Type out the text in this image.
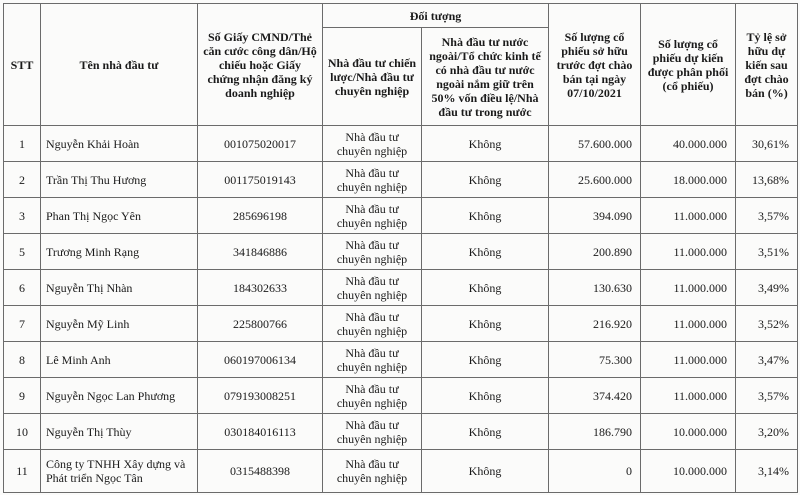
STT	Tên nhà đầu tư	Số Giấy CMND/Thẻ căn cước công dân/Hộ chiếu hoặc Giấy chứng nhận đăng ký doanh nghiệp	Đối tượng		Số lượng cổ phiếu sở hữu trước đợt chào bán tại ngày 07/10/2021	Số lượng cổ phiếu dự kiến được phân phối (cổ phiếu)	Tỷ lệ sở hữu dự kiến sau đợt chào bán (%)
			Nhà đầu tư chiến lược/Nhà đầu tư chuyên nghiệp	Nhà đầu tư nước ngoài/Tổ chức kinh tế có nhà đầu tư nước ngoài nắm giữ trên 50% vốn điều lệ/Nhà đầu tư trong nước			
1	Nguyễn Khải Hoàn	001075020017	Nhà đầu tư chuyên nghiệp	Không	57.600.000	40.000.000	30,61%
2	Trần Thị Thu Hương	001175019143	Nhà đầu tư chuyên nghiệp	Không	25.600.000	18.000.000	13,68%
3	Phan Thị Ngọc Yên	285696198	Nhà đầu tư chuyên nghiệp	Không	394.090	11.000.000	3,57%
5	Trương Minh Rạng	341846886	Nhà đầu tư chuyên nghiệp	Không	200.890	11.000.000	3,51%
6	Nguyễn Thị Nhàn	184302633	Nhà đầu tư chuyên nghiệp	Không	130.630	11.000.000	3,49%
7	Nguyễn Mỹ Linh	225800766	Nhà đầu tư chuyên nghiệp	Không	216.920	11.000.000	3,52%
8	Lê Minh Anh	060197006134	Nhà đầu tư chuyên nghiệp	Không	75.300	11.000.000	3,47%
9	Nguyễn Ngọc Lan Phương	079193008251	Nhà đầu tư chuyên nghiệp	Không	374.420	11.000.000	3,57%
10	Nguyễn Thị Thùy	030184016113	Nhà đầu tư chuyên nghiệp	Không	186.790	10.000.000	3,20%
11	Công ty TNHH Xây dựng và Phát triển Ngọc Tân	0315488398	Nhà đầu tư chuyên nghiệp	Không	0	10.000.000	3,14%
